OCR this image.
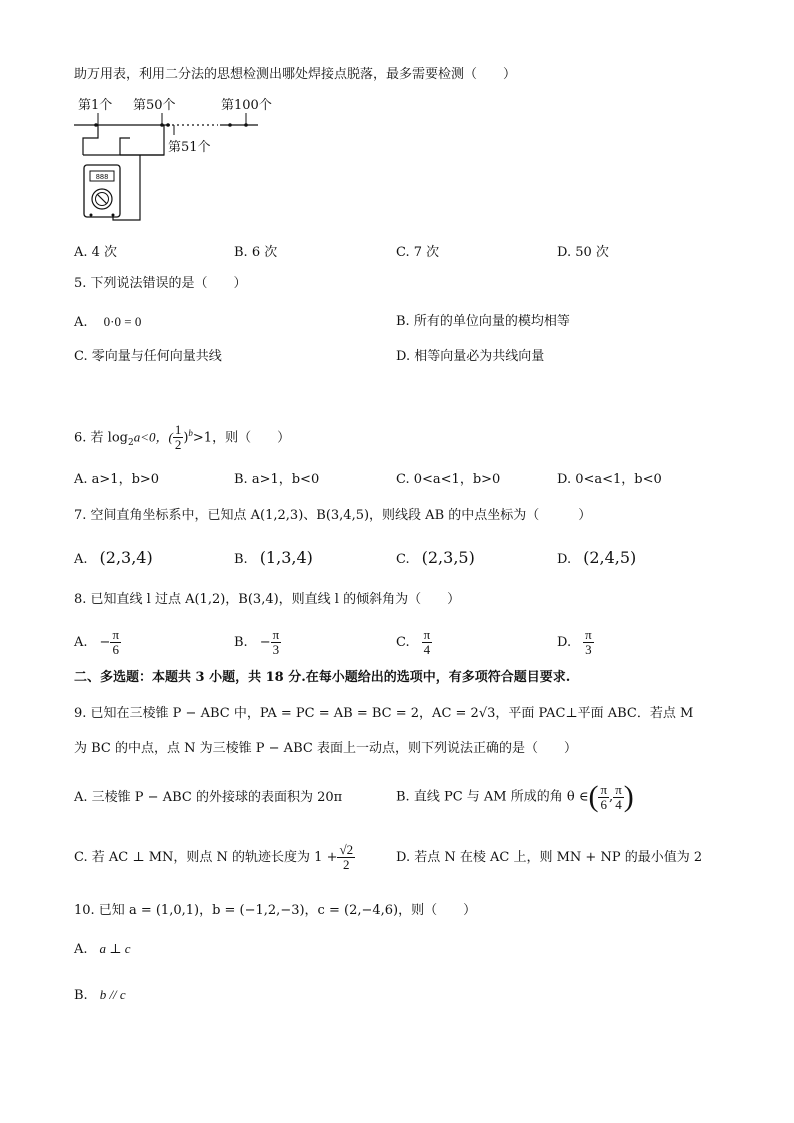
助万用表，利用二分法的思想检测出哪处焊接点脱落，最多需要检测（　　）
888
第1个 第50个	第100个
第51个
A. 4 次	B. 6 次	C. 7 次	D. 50 次
5. 下列说法错误的是（　　）
A. 0·0 = 0	B. 所有的单位向量的模均相等
C. 零向量与任何向量共线	D. 相等向量必为共线向量
6. 若 $\log_2a<0$，( $\frac{1}{2} )^b>1$，则（　　）
A. a>1，b>0	B. a>1，b<0	C. 0<a<1，b>0	D. 0<a<1，b<0
7. 空间直角坐标系中，已知点 A(1,2,3)、B(3,4,5)，则线段 AB 的中点坐标为（　　　）
A. (2,3,4)	B. (1,3,4)	C. (2,3,5)	D. (2,4,5)
8. 已知直线 l 过点 A(1,2)，B(3,4)，则直线 l 的倾斜角为（　　）
A. − $\frac{\pi}{6}$	B. − $\frac{\pi}{3}$	C. $\frac{\pi}{4}$	D. $\frac{\pi}{3}$
二、多选题：本题共 3 小题，共 18 分.在每小题给出的选项中，有多项符合题目要求.
9. 已知在三棱锥 P − ABC 中，PA = PC = AB = BC = 2，AC = 2√3，平面 PAC⊥平面 ABC．若点 M
为 BC 的中点，点 N 为三棱锥 P − ABC 表面上一动点，则下列说法正确的是（　　）
A. 三棱锥 P − ABC 的外接球的表面积为 20π	B. 直线 PC 与 AM 所成的角 θ ∈( $\frac{\pi}{6}$ , $\frac{\pi}{4}$ )
C. 若 AC ⊥ MN，则点 N 的轨迹长度为 $1 + \frac{√2}{2}$	D. 若点 N 在棱 AC 上，则 MN + NP 的最小值为 2
10. 已知 a = (1,0,1)，b = (−1,2,−3)，c = (2,−4,6)，则（　　）
A. a ⊥ c
B. b // c
